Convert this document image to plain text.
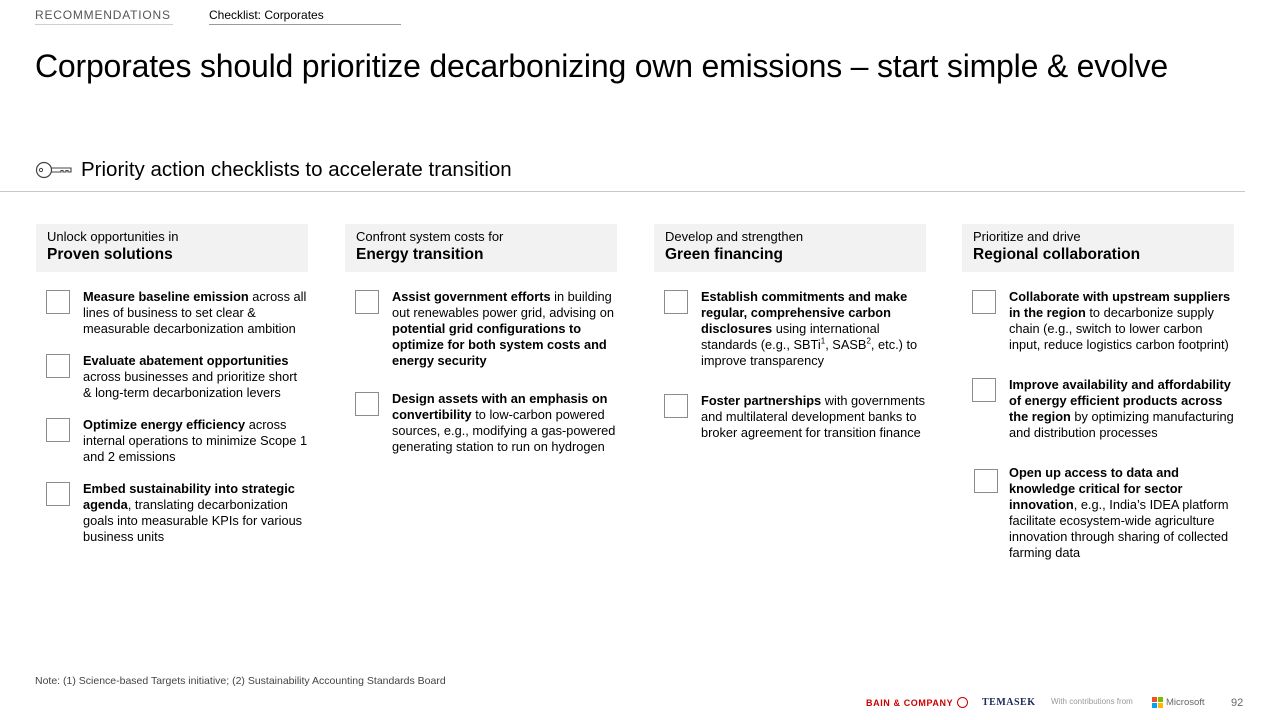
RECOMMENDATIONS	Checklist: Corporates
Corporates should prioritize decarbonizing own emissions – start simple & evolve
Priority action checklists to accelerate transition
Unlock opportunities in
Proven solutions
Measure baseline emission across all lines of business to set clear & measurable decarbonization ambition
Evaluate abatement opportunities across businesses and prioritize short & long-term decarbonization levers
Optimize energy efficiency across internal operations to minimize Scope 1 and 2 emissions
Embed sustainability into strategic agenda, translating decarbonization goals into measurable KPIs for various business units
Confront system costs for
Energy transition
Assist government efforts in building out renewables power grid, advising on potential grid configurations to optimize for both system costs and energy security
Design assets with an emphasis on convertibility to low-carbon powered sources, e.g., modifying a gas-powered generating station to run on hydrogen
Develop and strengthen
Green financing
Establish commitments and make regular, comprehensive carbon disclosures using international standards (e.g., SBTi$^1$, SASB$^2$, etc.) to improve transparency
Foster partnerships with governments and multilateral development banks to broker agreement for transition finance
Prioritize and drive
Regional collaboration
Collaborate with upstream suppliers in the region to decarbonize supply chain (e.g., switch to lower carbon input, reduce logistics carbon footprint)
Improve availability and affordability of energy efficient products across the region by optimizing manufacturing and distribution processes
Open up access to data and knowledge critical for sector innovation, e.g., India’s IDEA platform facilitate ecosystem-wide agriculture innovation through sharing of collected farming data
Note: (1) Science-based Targets initiative; (2) Sustainability Accounting Standards Board
BAIN & COMPANY	TEMASEK With contributions from	Microsoft 92
